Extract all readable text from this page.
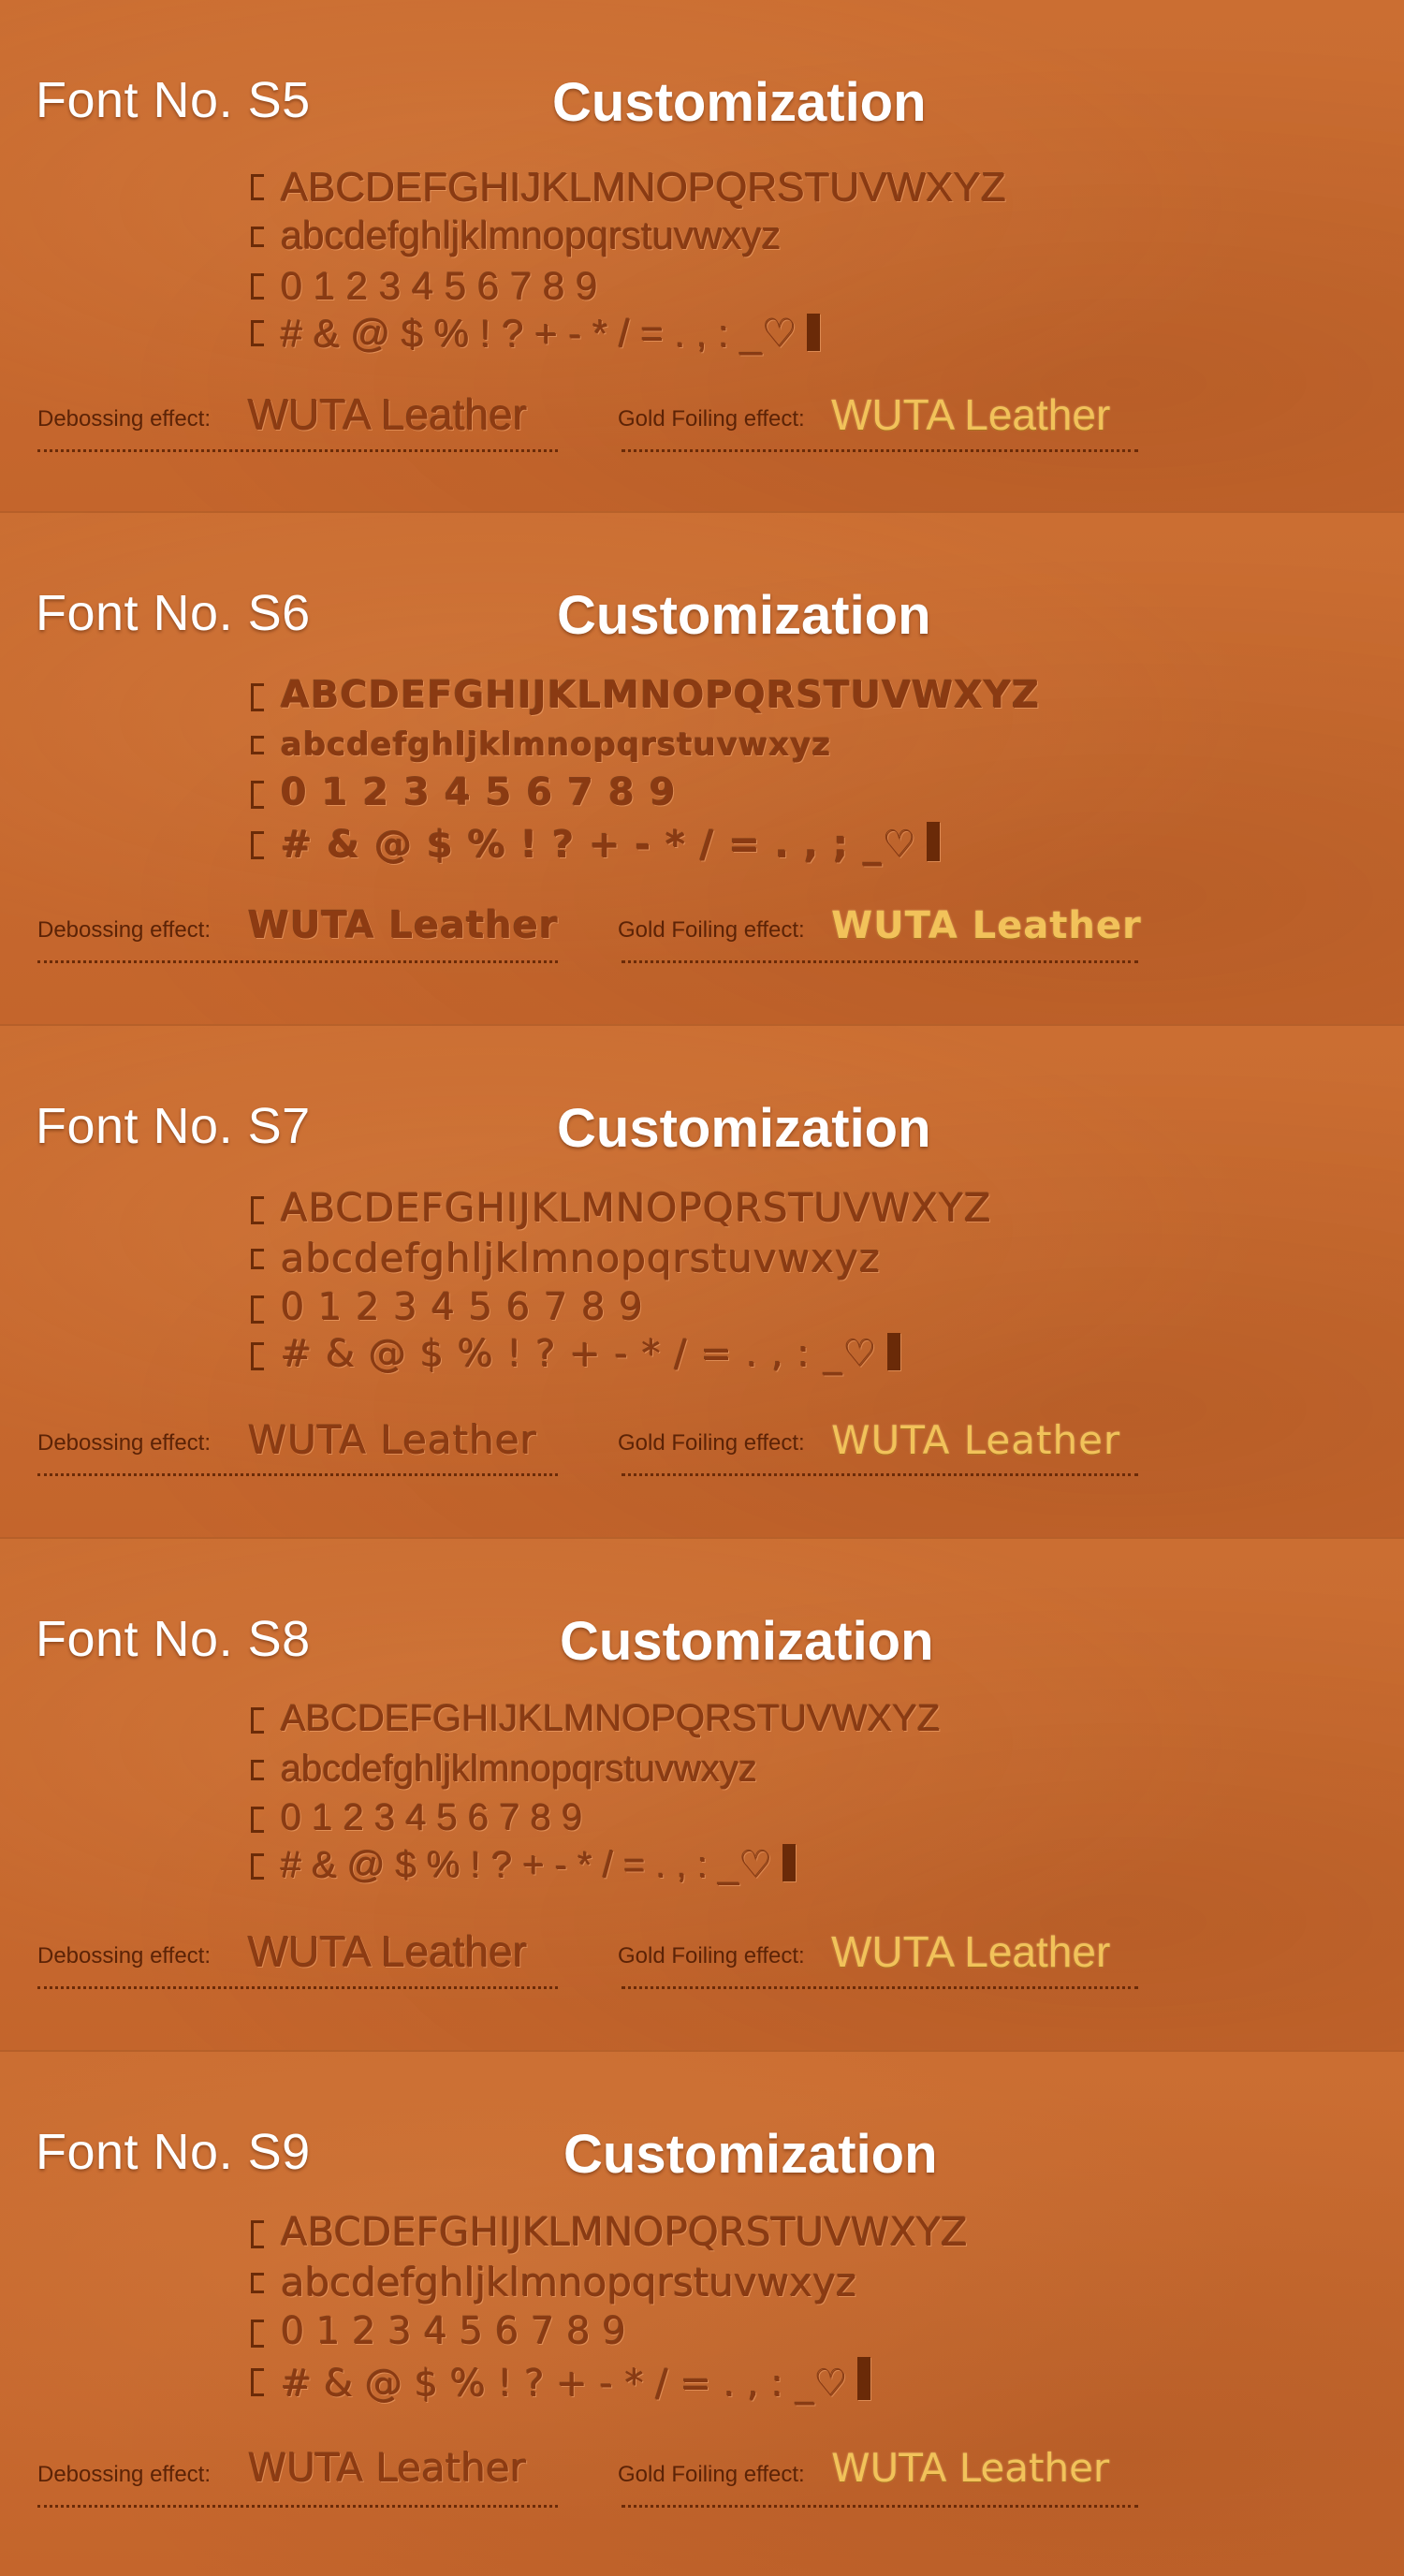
Font No. S5	Customization
ABCDEFGHIJKLMNOPQRSTUVWXYZ
abcdefghljklmnopqrstuvwxyz
0 1 2 3 4 5 6 7 8 9
# & @ $ % ! ? + - * / = . , : _♡
Debossing effect: WUTA Leather	Gold Foiling effect: WUTA Leather
Font No. S6	Customization
ABCDEFGHIJKLMNOPQRSTUVWXYZ
abcdefghljklmnopqrstuvwxyz
0 1 2 3 4 5 6 7 8 9
# & @ $ % ! ? + - * / = . , ; _♡
Debossing effect: WUTA Leather	Gold Foiling effect: WUTA Leather
Font No. S7	Customization
ABCDEFGHIJKLMNOPQRSTUVWXYZ
abcdefghljklmnopqrstuvwxyz
0 1 2 3 4 5 6 7 8 9
# & @ $ % ! ? + - * / = . , : _♡
Debossing effect: WUTA Leather	Gold Foiling effect: WUTA Leather
Font No. S8	Customization
ABCDEFGHIJKLMNOPQRSTUVWXYZ
abcdefghljklmnopqrstuvwxyz
0 1 2 3 4 5 6 7 8 9
# & @ $ % ! ? + - * / = . , : _♡
Debossing effect: WUTA Leather	Gold Foiling effect: WUTA Leather
Font No. S9	Customization
ABCDEFGHIJKLMNOPQRSTUVWXYZ
abcdefghljklmnopqrstuvwxyz
0 1 2 3 4 5 6 7 8 9
# & @ $ % ! ? + - * / = . , : _♡
Debossing effect: WUTA Leather	Gold Foiling effect: WUTA Leather
